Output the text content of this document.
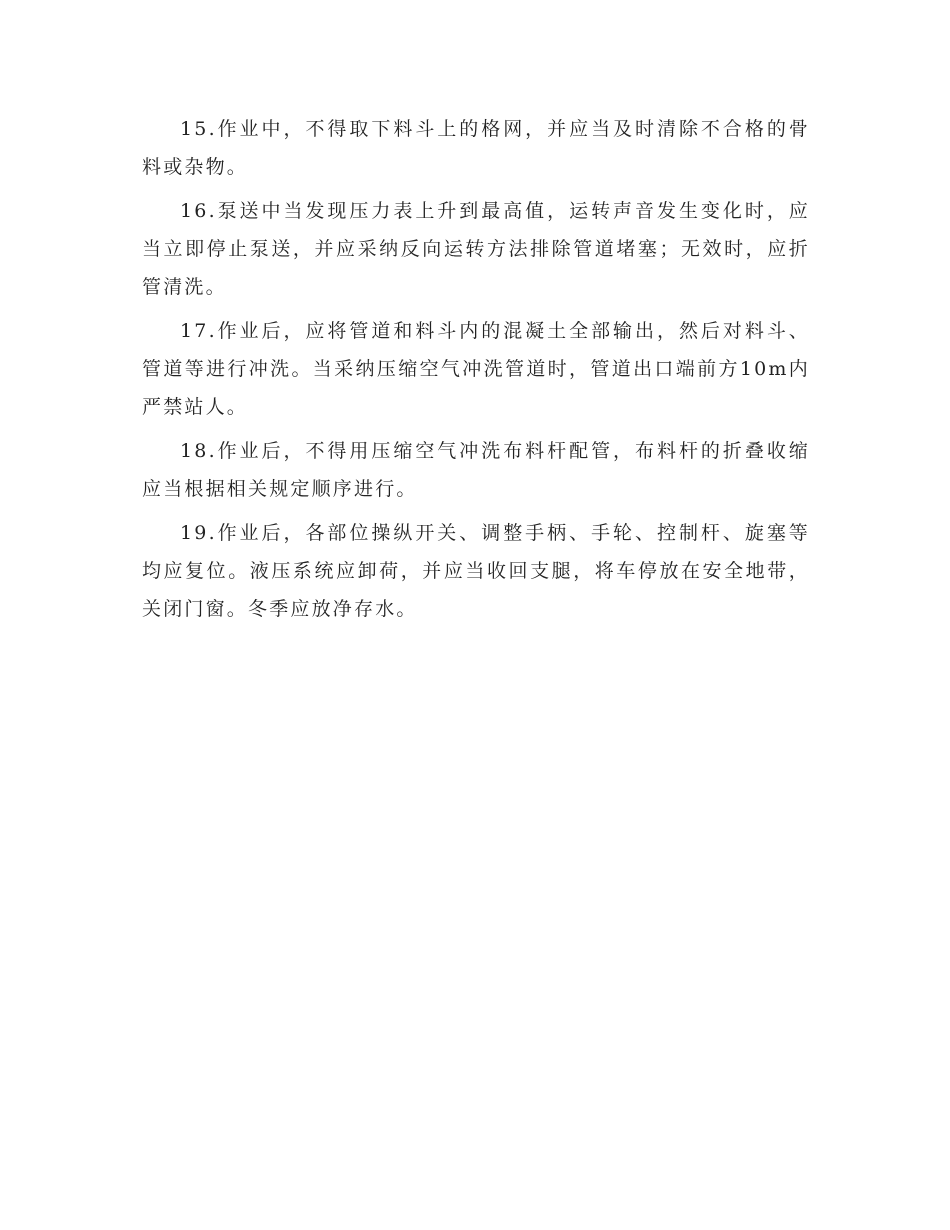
15.作业中，不得取下料斗上的格网，并应当及时清除不合格的骨料或杂物。

16.泵送中当发现压力表上升到最高值，运转声音发生变化时，应当立即停止泵送，并应采纳反向运转方法排除管道堵塞；无效时，应折管清洗。

17.作业后，应将管道和料斗内的混凝土全部输出，然后对料斗、管道等进行冲洗。当采纳压缩空气冲洗管道时，管道出口端前方10m内严禁站人。

18.作业后，不得用压缩空气冲洗布料杆配管，布料杆的折叠收缩应当根据相关规定顺序进行。

19.作业后，各部位操纵开关、调整手柄、手轮、控制杆、旋塞等均应复位。液压系统应卸荷，并应当收回支腿，将车停放在安全地带，关闭门窗。冬季应放净存水。
